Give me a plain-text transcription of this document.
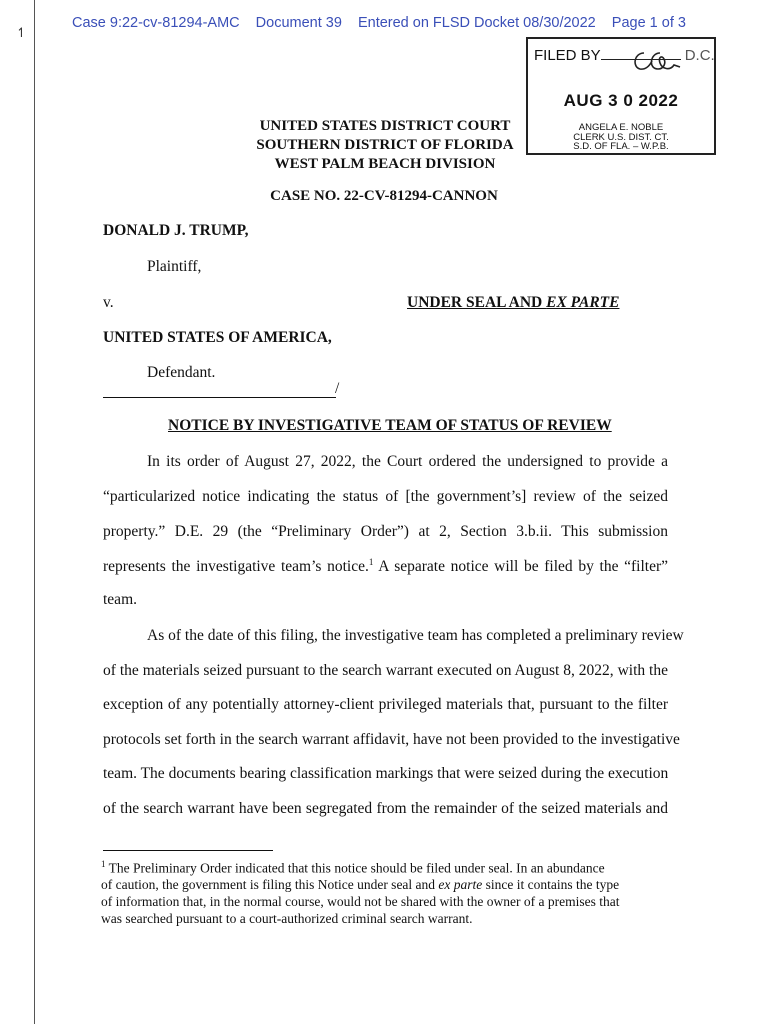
↿
Case 9:22-cv-81294-AMC Document 39 Entered on FLSD Docket 08/30/2022 Page 1 of 3
FILED BY	D.C.
AUG 3 0 2022
ANGELA E. NOBLE
CLERK U.S. DIST. CT.
S.D. OF FLA. – W.P.B.
UNITED STATES DISTRICT COURT
SOUTHERN DISTRICT OF FLORIDA
WEST PALM BEACH DIVISION
CASE NO. 22-CV-81294-CANNON
DONALD J. TRUMP,
Plaintiff,
v.	UNDER SEAL AND EX PARTE
UNITED STATES OF AMERICA,
Defendant.
/
NOTICE BY INVESTIGATIVE TEAM OF STATUS OF REVIEW
In its order of August 27, 2022, the Court ordered the undersigned to provide a
“particularized notice indicating the status of [the government’s] review of the seized
property.” D.E. 29 (the “Preliminary Order”) at 2, Section 3.b.ii. This submission
represents the investigative team’s notice.$^1$ A separate notice will be filed by the “filter”
team.
As of the date of this filing, the investigative team has completed a preliminary review
of the materials seized pursuant to the search warrant executed on August 8, 2022, with the
exception of any potentially attorney-client privileged materials that, pursuant to the filter
protocols set forth in the search warrant affidavit, have not been provided to the investigative
team. The documents bearing classification markings that were seized during the execution
of the search warrant have been segregated from the remainder of the seized materials and
$^1$ The Preliminary Order indicated that this notice should be filed under seal. In an abundance
of caution, the government is filing this Notice under seal and ex parte since it contains the type
of information that, in the normal course, would not be shared with the owner of a premises that
was searched pursuant to a court-authorized criminal search warrant.
